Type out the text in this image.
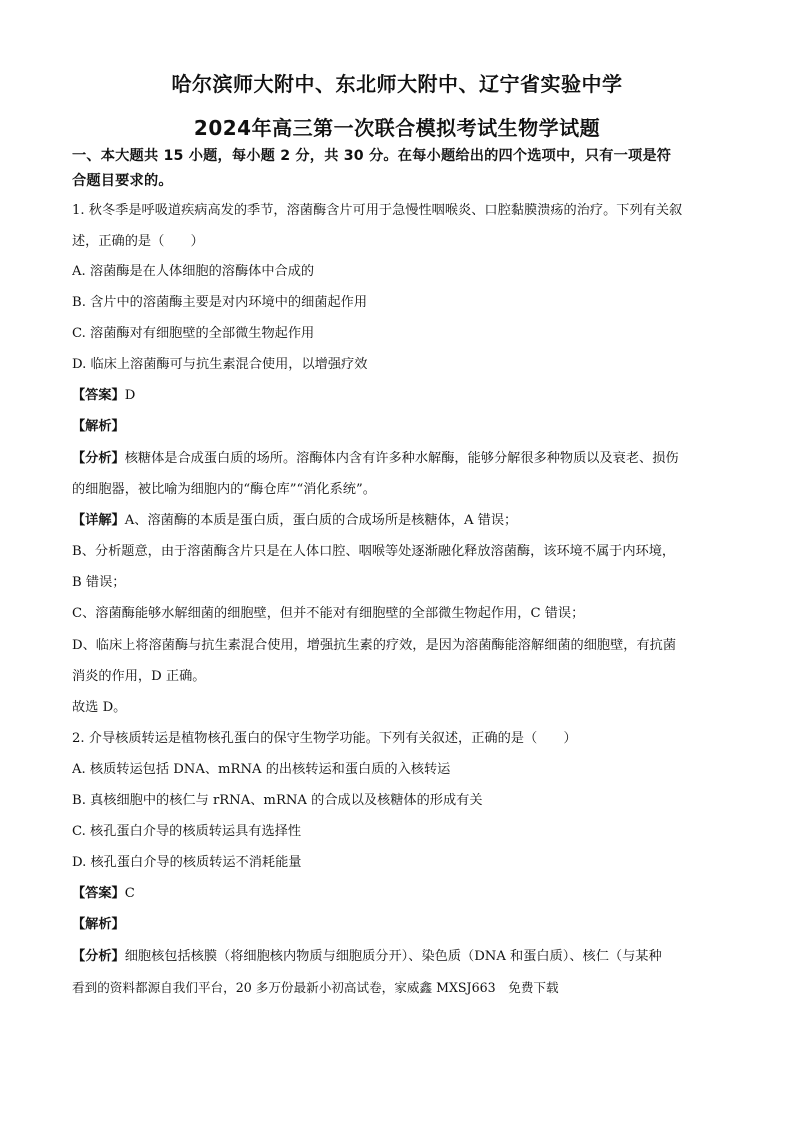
哈尔滨师大附中、东北师大附中、辽宁省实验中学
2024年高三第一次联合模拟考试生物学试题
一、本大题共 15 小题，每小题 2 分，共 30 分。在每小题给出的四个选项中，只有一项是符
合题目要求的。
1. 秋冬季是呼吸道疾病高发的季节，溶菌酶含片可用于急慢性咽喉炎、口腔黏膜溃疡的治疗。下列有关叙
述，正确的是（　　）
A. 溶菌酶是在人体细胞的溶酶体中合成的
B. 含片中的溶菌酶主要是对内环境中的细菌起作用
C. 溶菌酶对有细胞壁的全部微生物起作用
D. 临床上溶菌酶可与抗生素混合使用，以增强疗效
【答案】D
【解析】
【分析】核糖体是合成蛋白质的场所。溶酶体内含有许多种水解酶，能够分解很多种物质以及衰老、损伤
的细胞器，被比喻为细胞内的“酶仓库”“消化系统”。
【详解】A、溶菌酶的本质是蛋白质，蛋白质的合成场所是核糖体，A 错误；
B、分析题意，由于溶菌酶含片只是在人体口腔、咽喉等处逐渐融化释放溶菌酶，该环境不属于内环境，
B 错误；
C、溶菌酶能够水解细菌的细胞壁，但并不能对有细胞壁的全部微生物起作用，C 错误；
D、临床上将溶菌酶与抗生素混合使用，增强抗生素的疗效，是因为溶菌酶能溶解细菌的细胞壁，有抗菌
消炎的作用，D 正确。
故选 D。
2. 介导核质转运是植物核孔蛋白的保守生物学功能。下列有关叙述，正确的是（　　）
A. 核质转运包括 DNA、mRNA 的出核转运和蛋白质的入核转运
B. 真核细胞中的核仁与 rRNA、mRNA 的合成以及核糖体的形成有关
C. 核孔蛋白介导的核质转运具有选择性
D. 核孔蛋白介导的核质转运不消耗能量
【答案】C
【解析】
【分析】细胞核包括核膜（将细胞核内物质与细胞质分开）、染色质（DNA 和蛋白质）、核仁（与某种
看到的资料都源自我们平台，20 多万份最新小初高试卷，家威鑫 MXSJ663　免费下载
